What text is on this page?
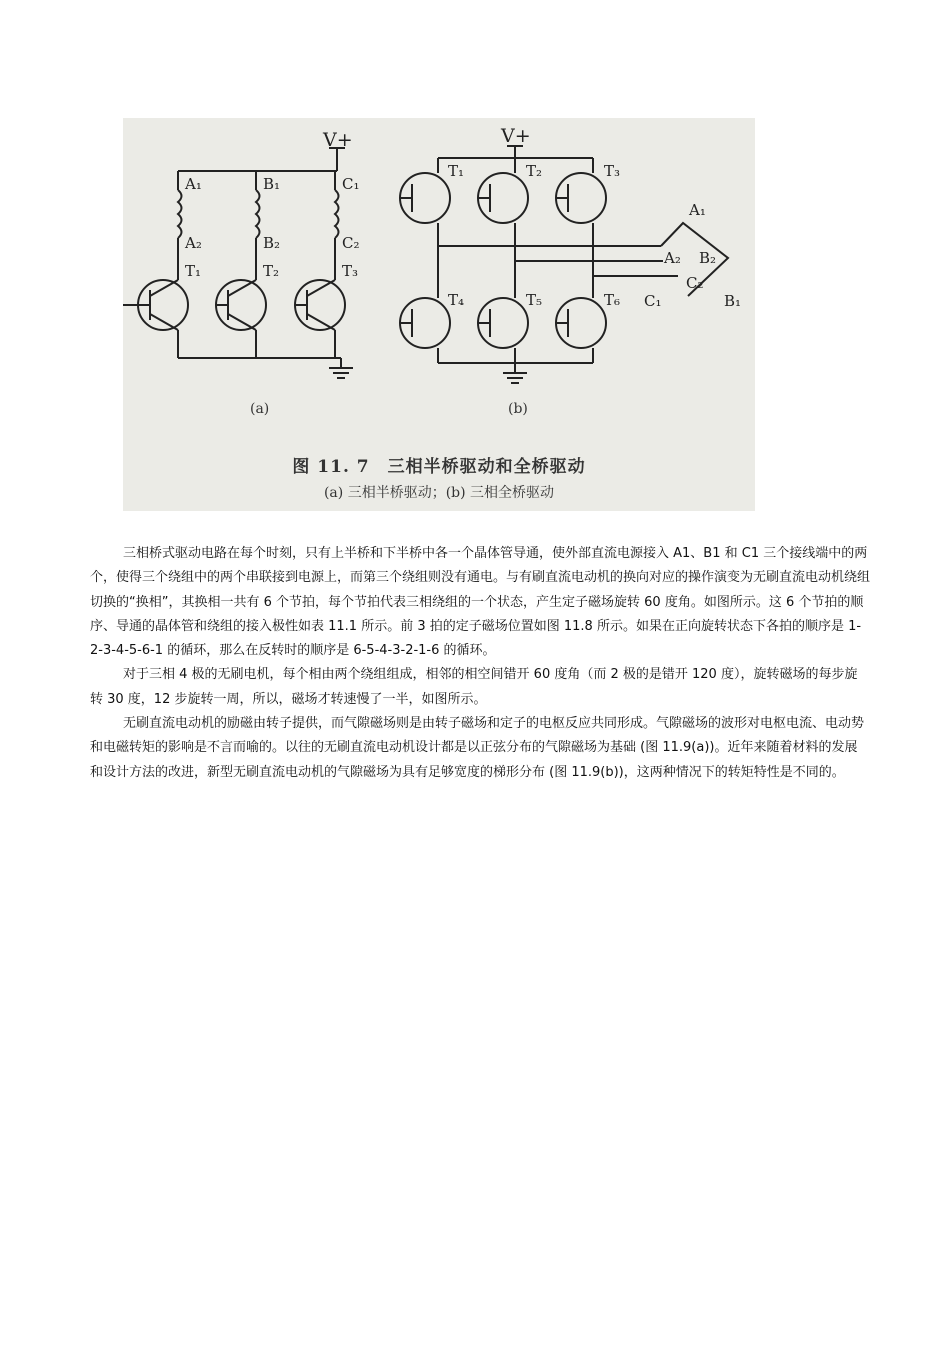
V+	V+
A₁	B₁	C₁
A₂	B₂	C₂
T₁	T₂	T₃
T₁	T₂	T₃
T₄	T₅	T₆
A₁
A₂ B₂
C₂
C₁	B₁
(a)	(b)
图 11. 7　三相半桥驱动和全桥驱动
(a) 三相半桥驱动；(b) 三相全桥驱动

三相桥式驱动电路在每个时刻，只有上半桥和下半桥中各一个晶体管导通，使外部直流电源接入 A1、B1 和 C1 三个接线端中的两个，使得三个绕组中的两个串联接到电源上，而第三个绕组则没有通电。与有刷直流电动机的换向对应的操作演变为无刷直流电动机绕组切换的“换相”，其换相一共有 6 个节拍，每个节拍代表三相绕组的一个状态，产生定子磁场旋转 60 度角。如图所示。这 6 个节拍的顺序、导通的晶体管和绕组的接入极性如表 11.1 所示。前 3 拍的定子磁场位置如图 11.8 所示。如果在正向旋转状态下各拍的顺序是 1-2-3-4-5-6-1 的循环，那么在反转时的顺序是 6-5-4-3-2-1-6 的循环。

对于三相 4 极的无刷电机，每个相由两个绕组组成，相邻的相空间错开 60 度角（而 2 极的是错开 120 度），旋转磁场的每步旋转 30 度，12 步旋转一周，所以，磁场才转速慢了一半，如图所示。

无刷直流电动机的励磁由转子提供，而气隙磁场则是由转子磁场和定子的电枢反应共同形成。气隙磁场的波形对电枢电流、电动势和电磁转矩的影响是不言而喻的。以往的无刷直流电动机设计都是以正弦分布的气隙磁场为基础 (图 11.9(a))。近年来随着材料的发展和设计方法的改进，新型无刷直流电动机的气隙磁场为具有足够宽度的梯形分布 (图 11.9(b))，这两种情况下的转矩特性是不同的。
